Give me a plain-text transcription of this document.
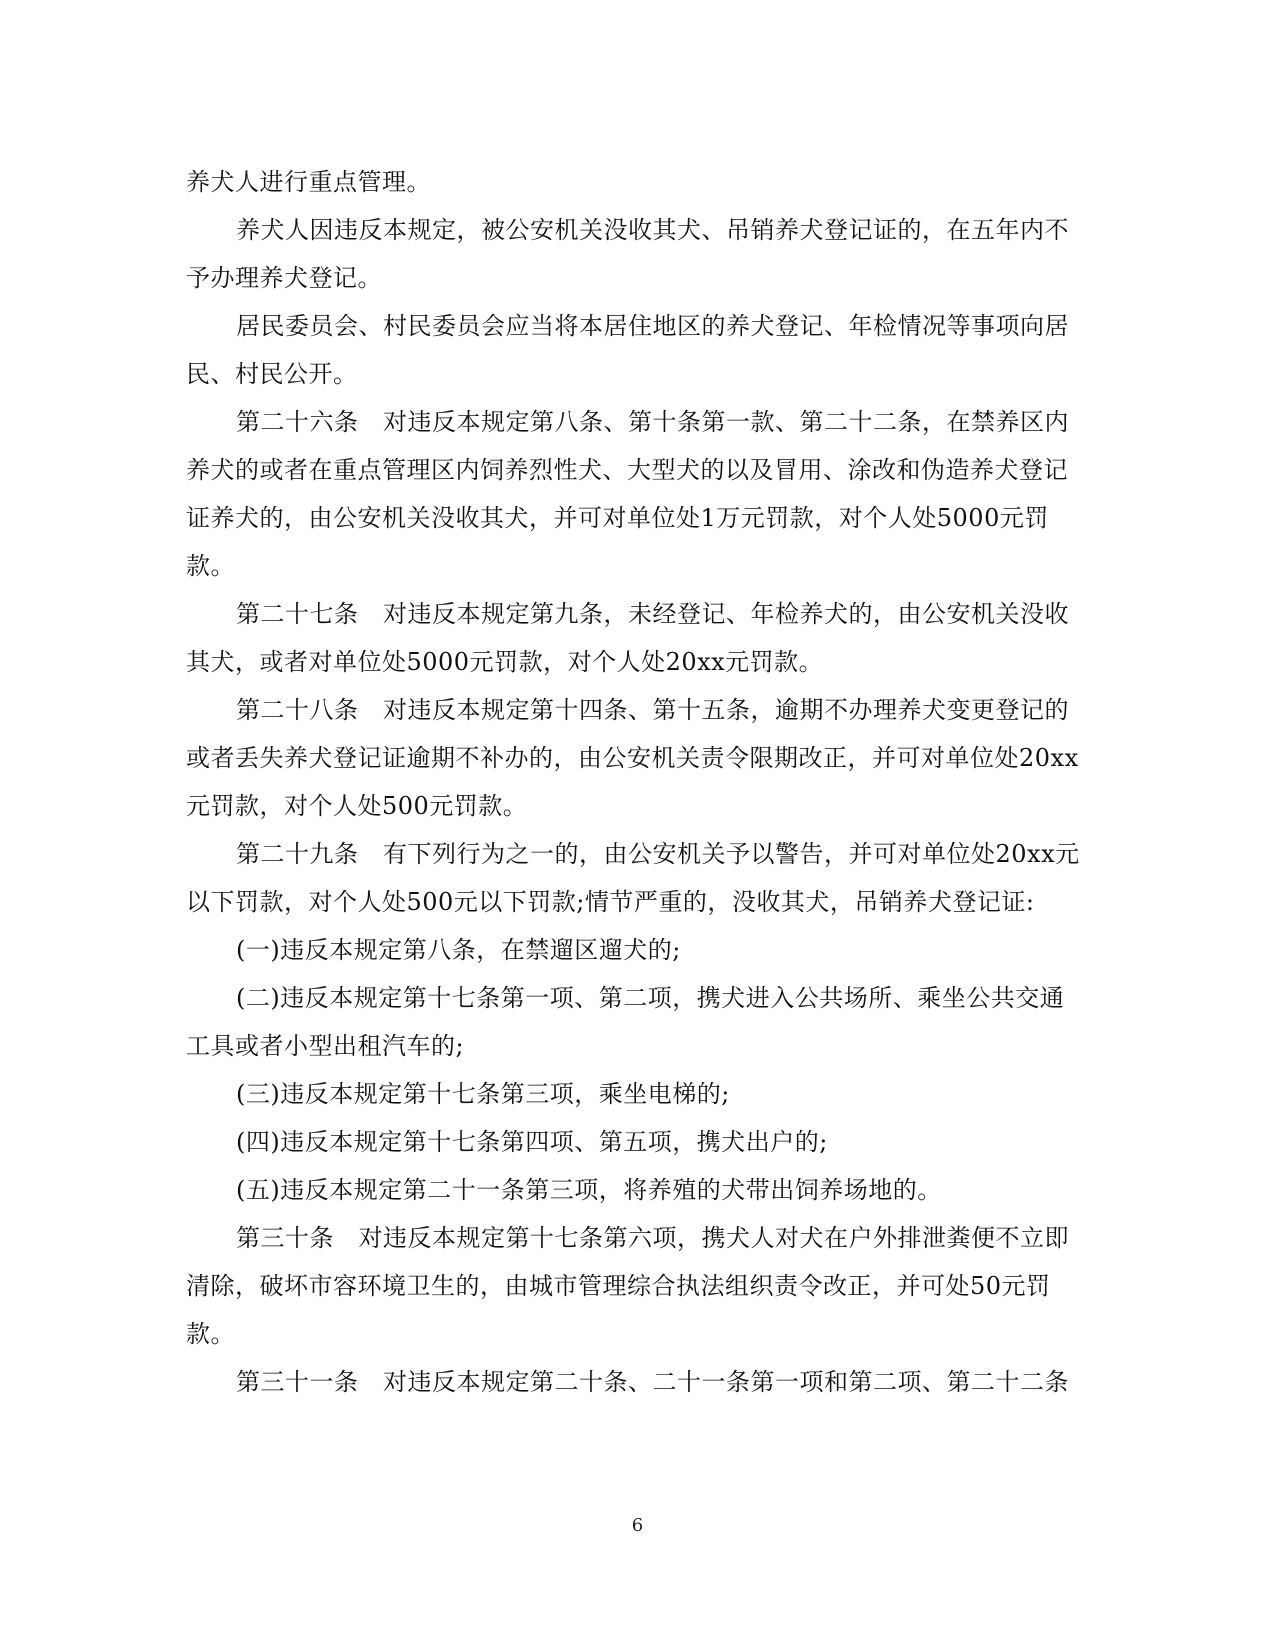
养犬人进行重点管理。

养犬人因违反本规定，被公安机关没收其犬、吊销养犬登记证的，在五年内不予办理养犬登记。

居民委员会、村民委员会应当将本居住地区的养犬登记、年检情况等事项向居民、村民公开。

第二十六条　对违反本规定第八条、第十条第一款、第二十二条，在禁养区内养犬的或者在重点管理区内饲养烈性犬、大型犬的以及冒用、涂改和伪造养犬登记证养犬的，由公安机关没收其犬，并可对单位处1万元罚款，对个人处5000元罚款。

第二十七条　对违反本规定第九条，未经登记、年检养犬的，由公安机关没收其犬，或者对单位处5000元罚款，对个人处20xx元罚款。

第二十八条　对违反本规定第十四条、第十五条，逾期不办理养犬变更登记的或者丢失养犬登记证逾期不补办的，由公安机关责令限期改正，并可对单位处20xx元罚款，对个人处500元罚款。

第二十九条　有下列行为之一的，由公安机关予以警告，并可对单位处20xx元以下罚款，对个人处500元以下罚款;情节严重的，没收其犬，吊销养犬登记证:

(一)违反本规定第八条，在禁遛区遛犬的;

(二)违反本规定第十七条第一项、第二项，携犬进入公共场所、乘坐公共交通工具或者小型出租汽车的;

(三)违反本规定第十七条第三项，乘坐电梯的;

(四)违反本规定第十七条第四项、第五项，携犬出户的;

(五)违反本规定第二十一条第三项，将养殖的犬带出饲养场地的。

第三十条　对违反本规定第十七条第六项，携犬人对犬在户外排泄粪便不立即清除，破坏市容环境卫生的，由城市管理综合执法组织责令改正，并可处50元罚款。

第三十一条　对违反本规定第二十条、二十一条第一项和第二项、第二十二条

6
